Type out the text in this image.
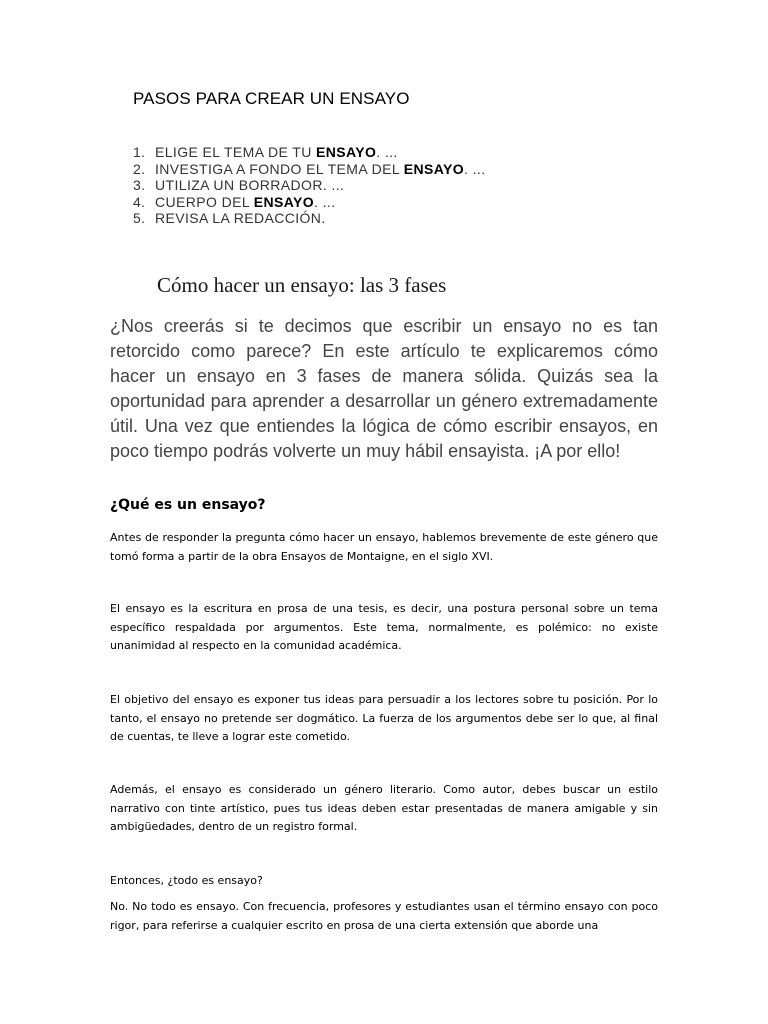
PASOS PARA CREAR UN ENSAYO
1. ELIGE EL TEMA DE TU ENSAYO. ...
2. INVESTIGA A FONDO EL TEMA DEL ENSAYO. ...
3. UTILIZA UN BORRADOR. ...
4. CUERPO DEL ENSAYO. ...
5. REVISA LA REDACCIÓN.
Cómo hacer un ensayo: las 3 fases

¿Nos creerás si te decimos que escribir un ensayo no es tan retorcido como parece? En este artículo te explicaremos cómo hacer un ensayo en 3 fases de manera sólida. Quizás sea la oportunidad para aprender a desarrollar un género extremadamente útil. Una vez que entiendes la lógica de cómo escribir ensayos, en poco tiempo podrás volverte un muy hábil ensayista. ¡A por ello!

¿Qué es un ensayo?

Antes de responder la pregunta cómo hacer un ensayo, hablemos brevemente de este género que tomó forma a partir de la obra Ensayos de Montaigne, en el siglo XVI.

El ensayo es la escritura en prosa de una tesis, es decir, una postura personal sobre un tema específico respaldada por argumentos. Este tema, normalmente, es polémico: no existe unanimidad al respecto en la comunidad académica.

El objetivo del ensayo es exponer tus ideas para persuadir a los lectores sobre tu posición. Por lo tanto, el ensayo no pretende ser dogmático. La fuerza de los argumentos debe ser lo que, al final de cuentas, te lleve a lograr este cometido.

Además, el ensayo es considerado un género literario. Como autor, debes buscar un estilo narrativo con tinte artístico, pues tus ideas deben estar presentadas de manera amigable y sin ambigüedades, dentro de un registro formal.

Entonces, ¿todo es ensayo?

No. No todo es ensayo. Con frecuencia, profesores y estudiantes usan el término ensayo con poco rigor, para referirse a cualquier escrito en prosa de una cierta extensión que aborde una
